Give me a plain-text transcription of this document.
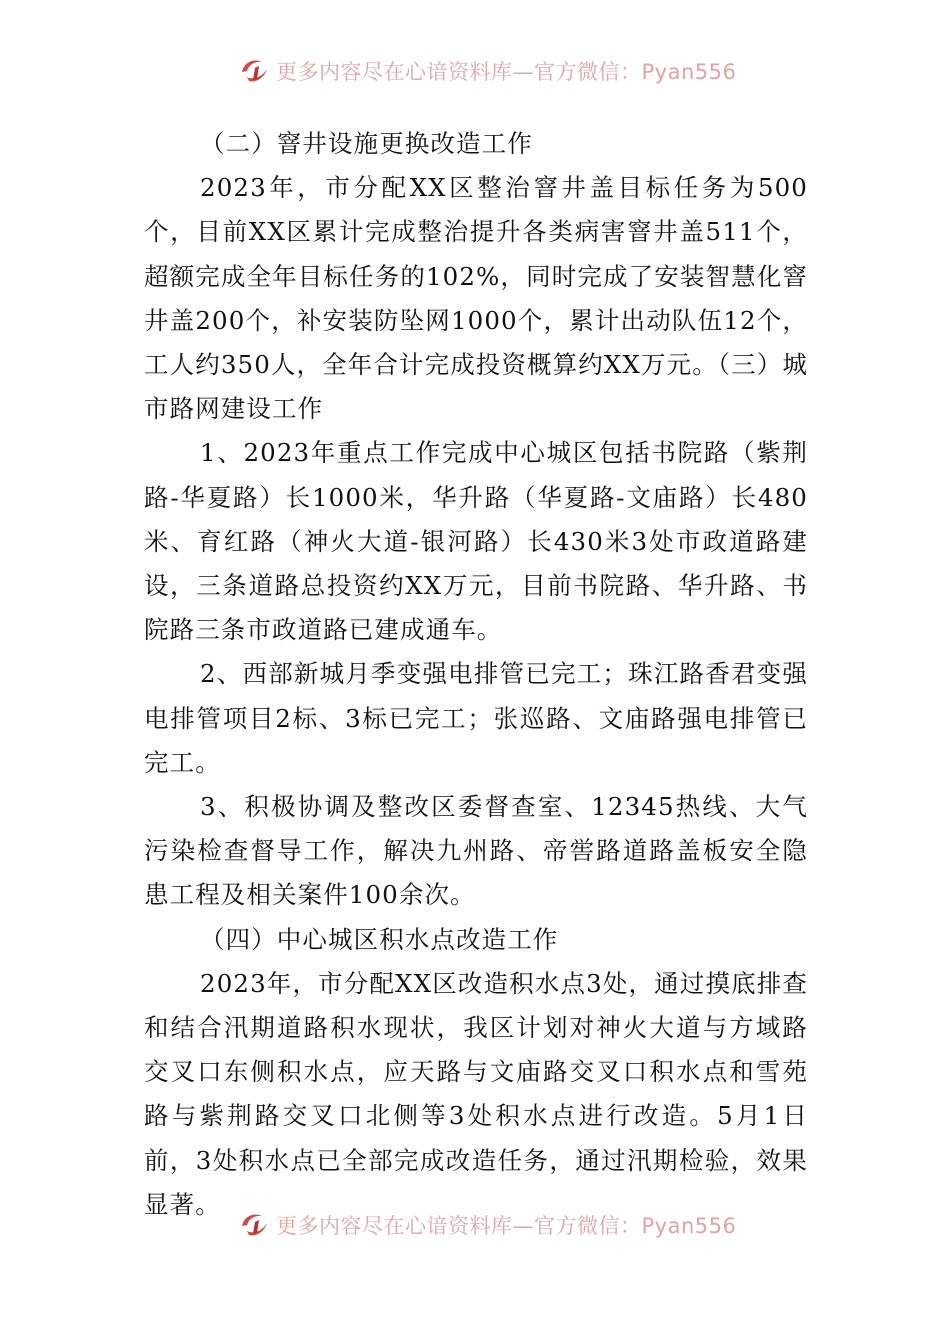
更多内容尽在心谙资料库—官方微信：Pyan556

（二）窨井设施更换改造工作

2023年，市分配XX区整治窨井盖目标任务为500个，目前XX区累计完成整治提升各类病害窨井盖511个，超额完成全年目标任务的102%，同时完成了安装智慧化窨井盖200个，补安装防坠网1000个，累计出动队伍12个，工人约350人，全年合计完成投资概算约XX万元。（三）城市路网建设工作

1、2023年重点工作完成中心城区包括书院路（紫荆路-华夏路）长1000米，华升路（华夏路-文庙路）长480米、育红路（神火大道-银河路）长430米3处市政道路建设，三条道路总投资约XX万元，目前书院路、华升路、书院路三条市政道路已建成通车。

2、西部新城月季变强电排管已完工；珠江路香君变强电排管项目2标、3标已完工；张巡路、文庙路强电排管已完工。

3、积极协调及整改区委督查室、12345热线、大气污染检查督导工作，解决九州路、帝喾路道路盖板安全隐患工程及相关案件100余次。

（四）中心城区积水点改造工作

2023年，市分配XX区改造积水点3处，通过摸底排查和结合汛期道路积水现状，我区计划对神火大道与方域路交叉口东侧积水点，应天路与文庙路交叉口积水点和雪苑路与紫荆路交叉口北侧等3处积水点进行改造。5月1日前，3处积水点已全部完成改造任务，通过汛期检验，效果显著。

更多内容尽在心谙资料库—官方微信：Pyan556
